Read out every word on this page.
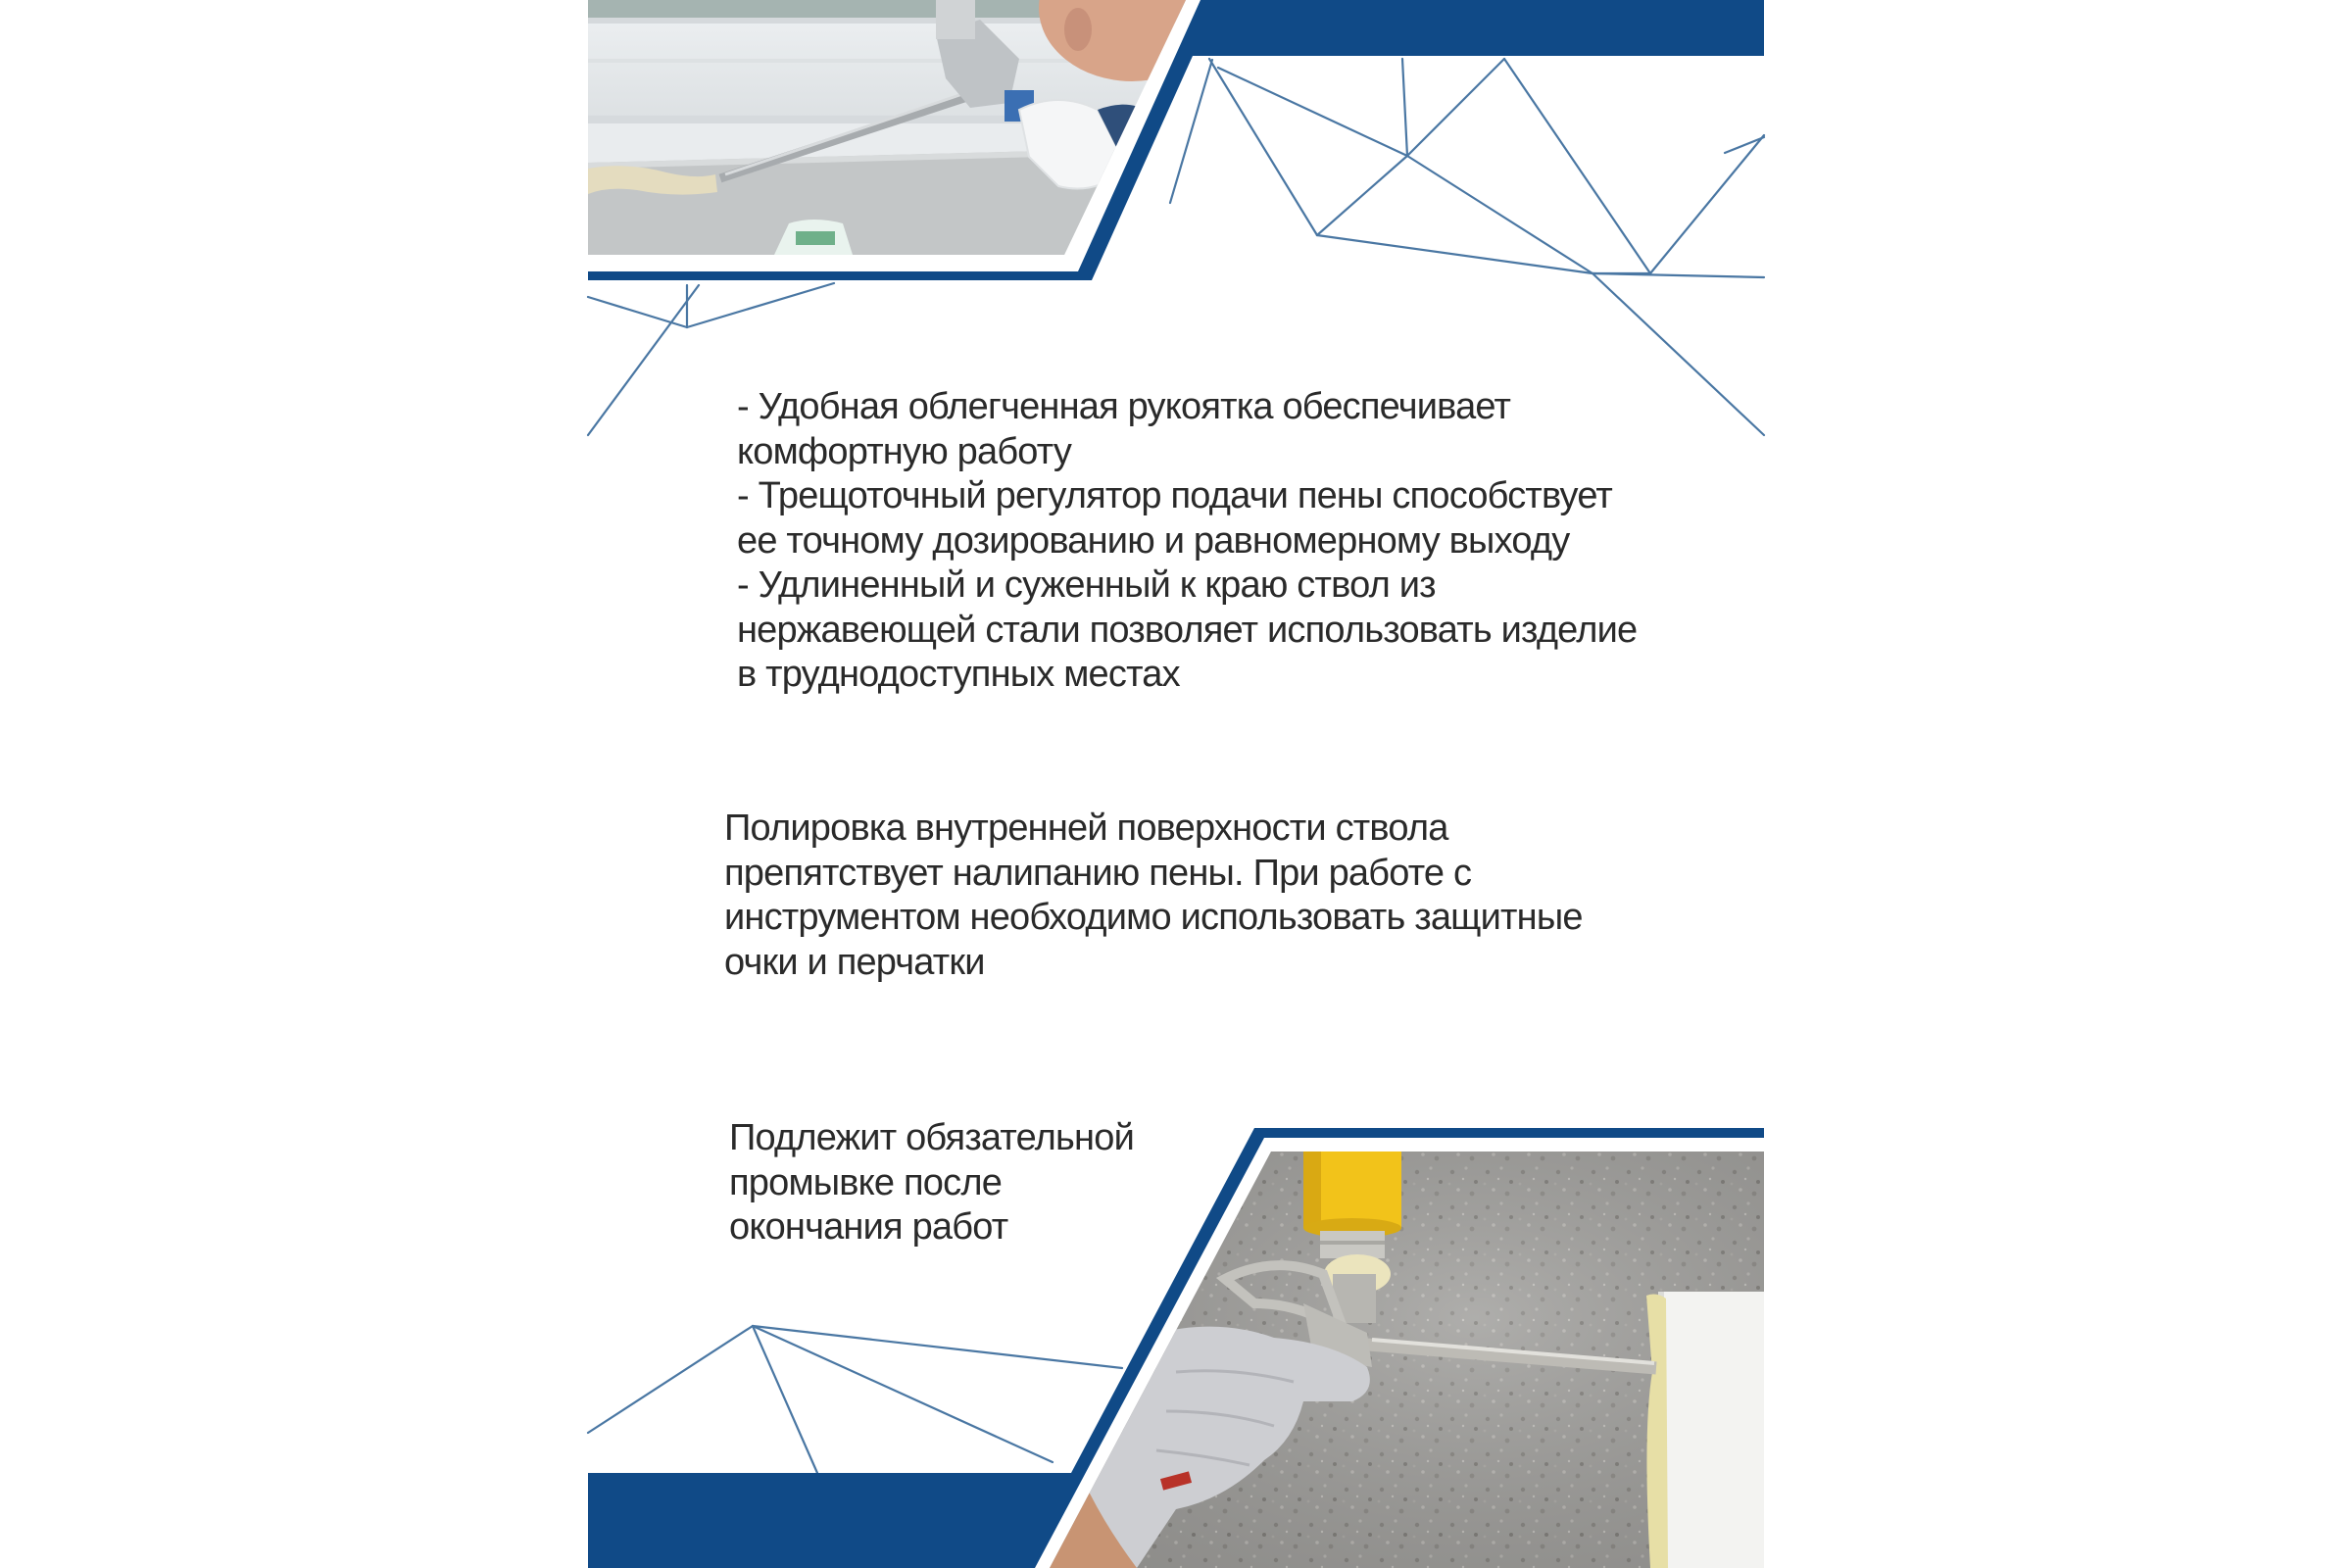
- Удобная облегченная рукоятка обеспечивает
комфортную работу
- Трещоточный регулятор подачи пены способствует
ее точному дозированию и равномерному выходу
- Удлиненный и суженный к краю ствол из
нержавеющей стали позволяет использовать изделие
в труднодоступных местах
Полировка внутренней поверхности ствола
препятствует налипанию пены. При работе с
инструментом необходимо использовать защитные
очки и перчатки
Подлежит обязательной
промывке после
окончания работ
